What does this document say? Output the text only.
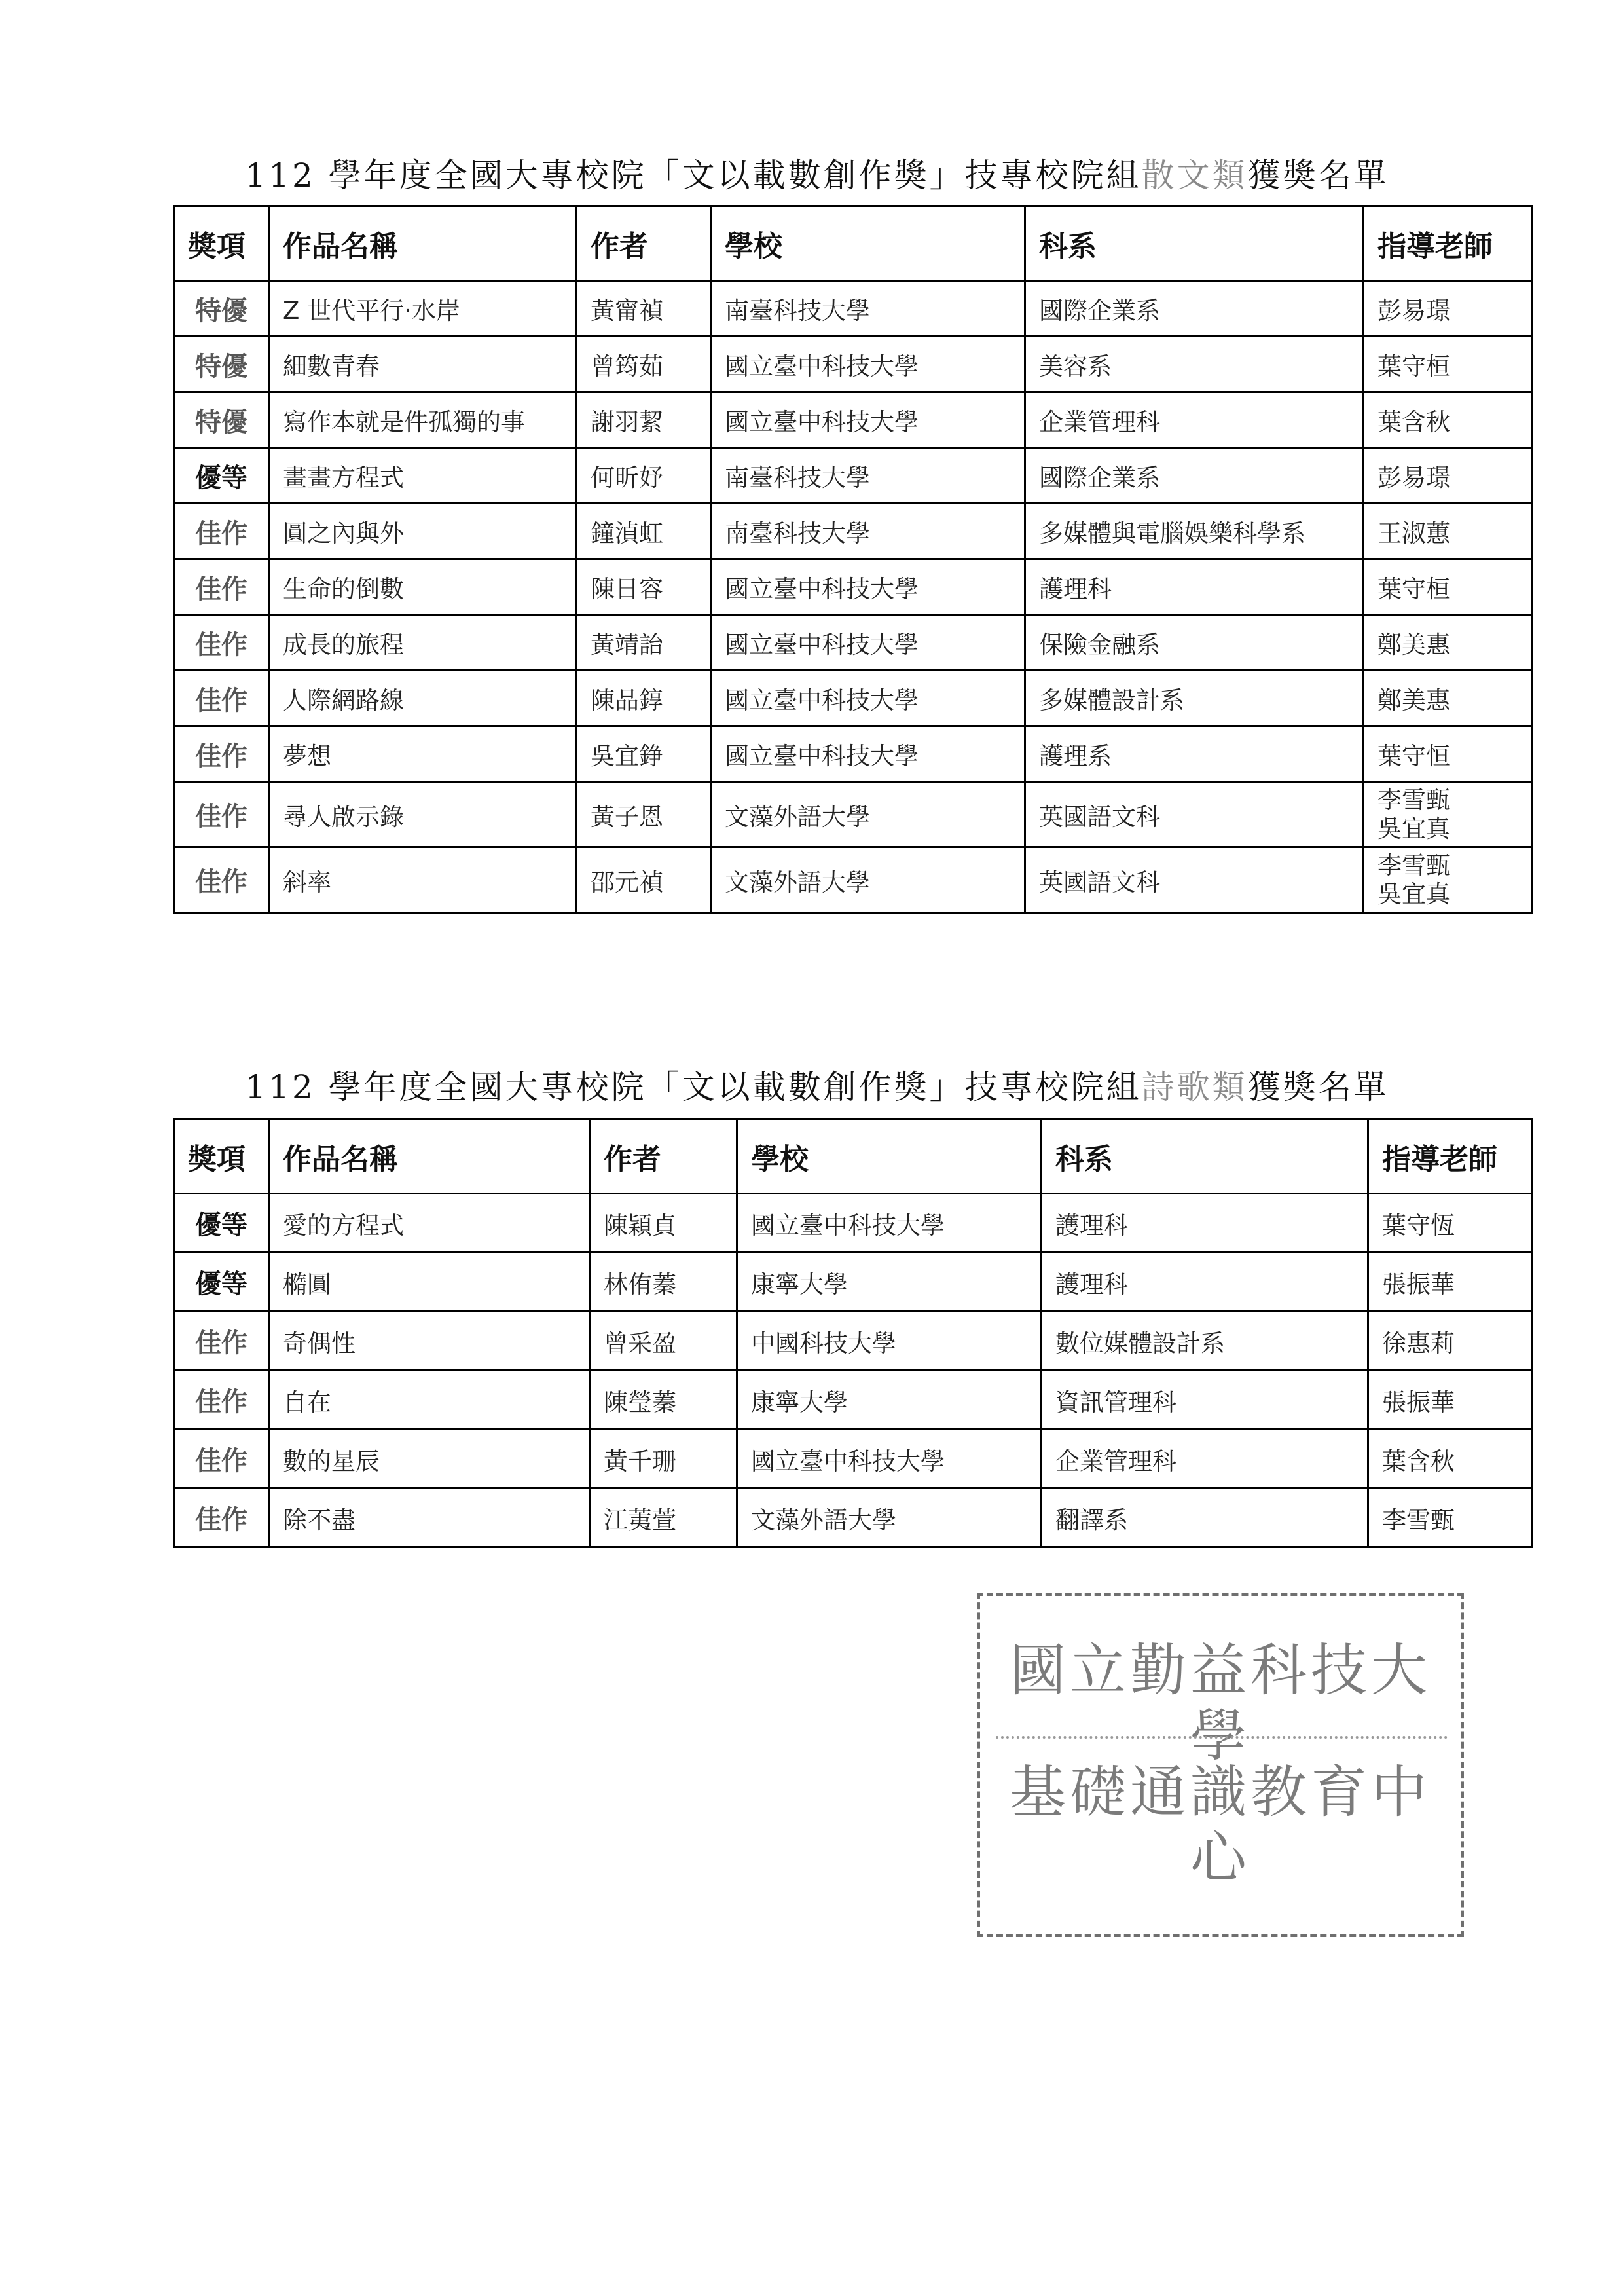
112 學年度全國大專校院「文以載數創作獎」技專校院組散文類獲獎名單
獎項	作品名稱	作者	學校	科系	指導老師
特優	Z 世代平行·水岸	黃甯禎	南臺科技大學	國際企業系	彭易璟
特優	細數青春	曾筠茹	國立臺中科技大學	美容系	葉守桓
特優	寫作本就是件孤獨的事	謝羽絜	國立臺中科技大學	企業管理科	葉含秋
優等	畫畫方程式	何昕妤	南臺科技大學	國際企業系	彭易璟
佳作	圓之內與外	鐘湞虹	南臺科技大學	多媒體與電腦娛樂科學系	王淑蕙
佳作	生命的倒數	陳日容	國立臺中科技大學	護理科	葉守桓
佳作	成長的旅程	黃靖詒	國立臺中科技大學	保險金融系	鄭美惠
佳作	人際網路線	陳品錞	國立臺中科技大學	多媒體設計系	鄭美惠
佳作	夢想	吳宜錚	國立臺中科技大學	護理系	葉守恒
佳作	尋人啟示錄	黃子恩	文藻外語大學	英國語文科	李雪甄
吳宜真

佳作	斜率	邵元禎	文藻外語大學	英國語文科	李雪甄
吳宜真
112 學年度全國大專校院「文以載數創作獎」技專校院組詩歌類獲獎名單
獎項	作品名稱	作者	學校	科系	指導老師
優等	愛的方程式	陳穎貞	國立臺中科技大學	護理科	葉守恆
優等	橢圓	林侑蓁	康寧大學	護理科	張振華
佳作	奇偶性	曾采盈	中國科技大學	數位媒體設計系	徐惠莉
佳作	自在	陳瑩蓁	康寧大學	資訊管理科	張振華
佳作	數的星辰	黃千珊	國立臺中科技大學	企業管理科	葉含秋
佳作	除不盡	江荑萱	文藻外語大學	翻譯系	李雪甄
國立勤益科技大學
基礎通識教育中心
